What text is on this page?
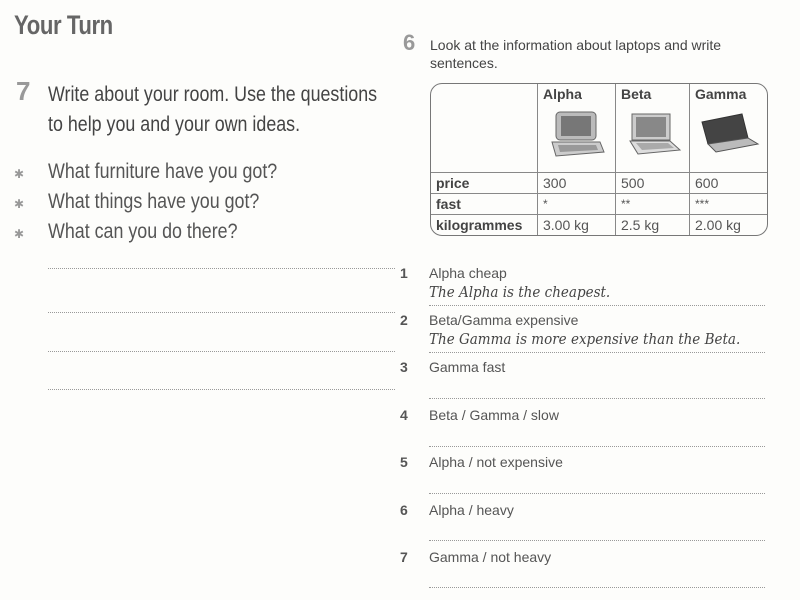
Your Turn
7 Write about your room. Use the questions to help you and your own ideas.
✱ What furniture have you got?
✱ What things have you got?
✱ What can you do there?
6 Look at the information about laptops and write sentences.
	Alpha	Beta	Gamma

price	300	500	600
fast	*	**	***
kilogrammes	3.00 kg	2.5 kg	2.00 kg
1 Alpha cheap
The Alpha is the cheapest.
2 Beta/Gamma expensive
The Gamma is more expensive than the Beta.
3 Gamma fast
4 Beta / Gamma / slow
5 Alpha / not expensive
6 Alpha / heavy
7 Gamma / not heavy
